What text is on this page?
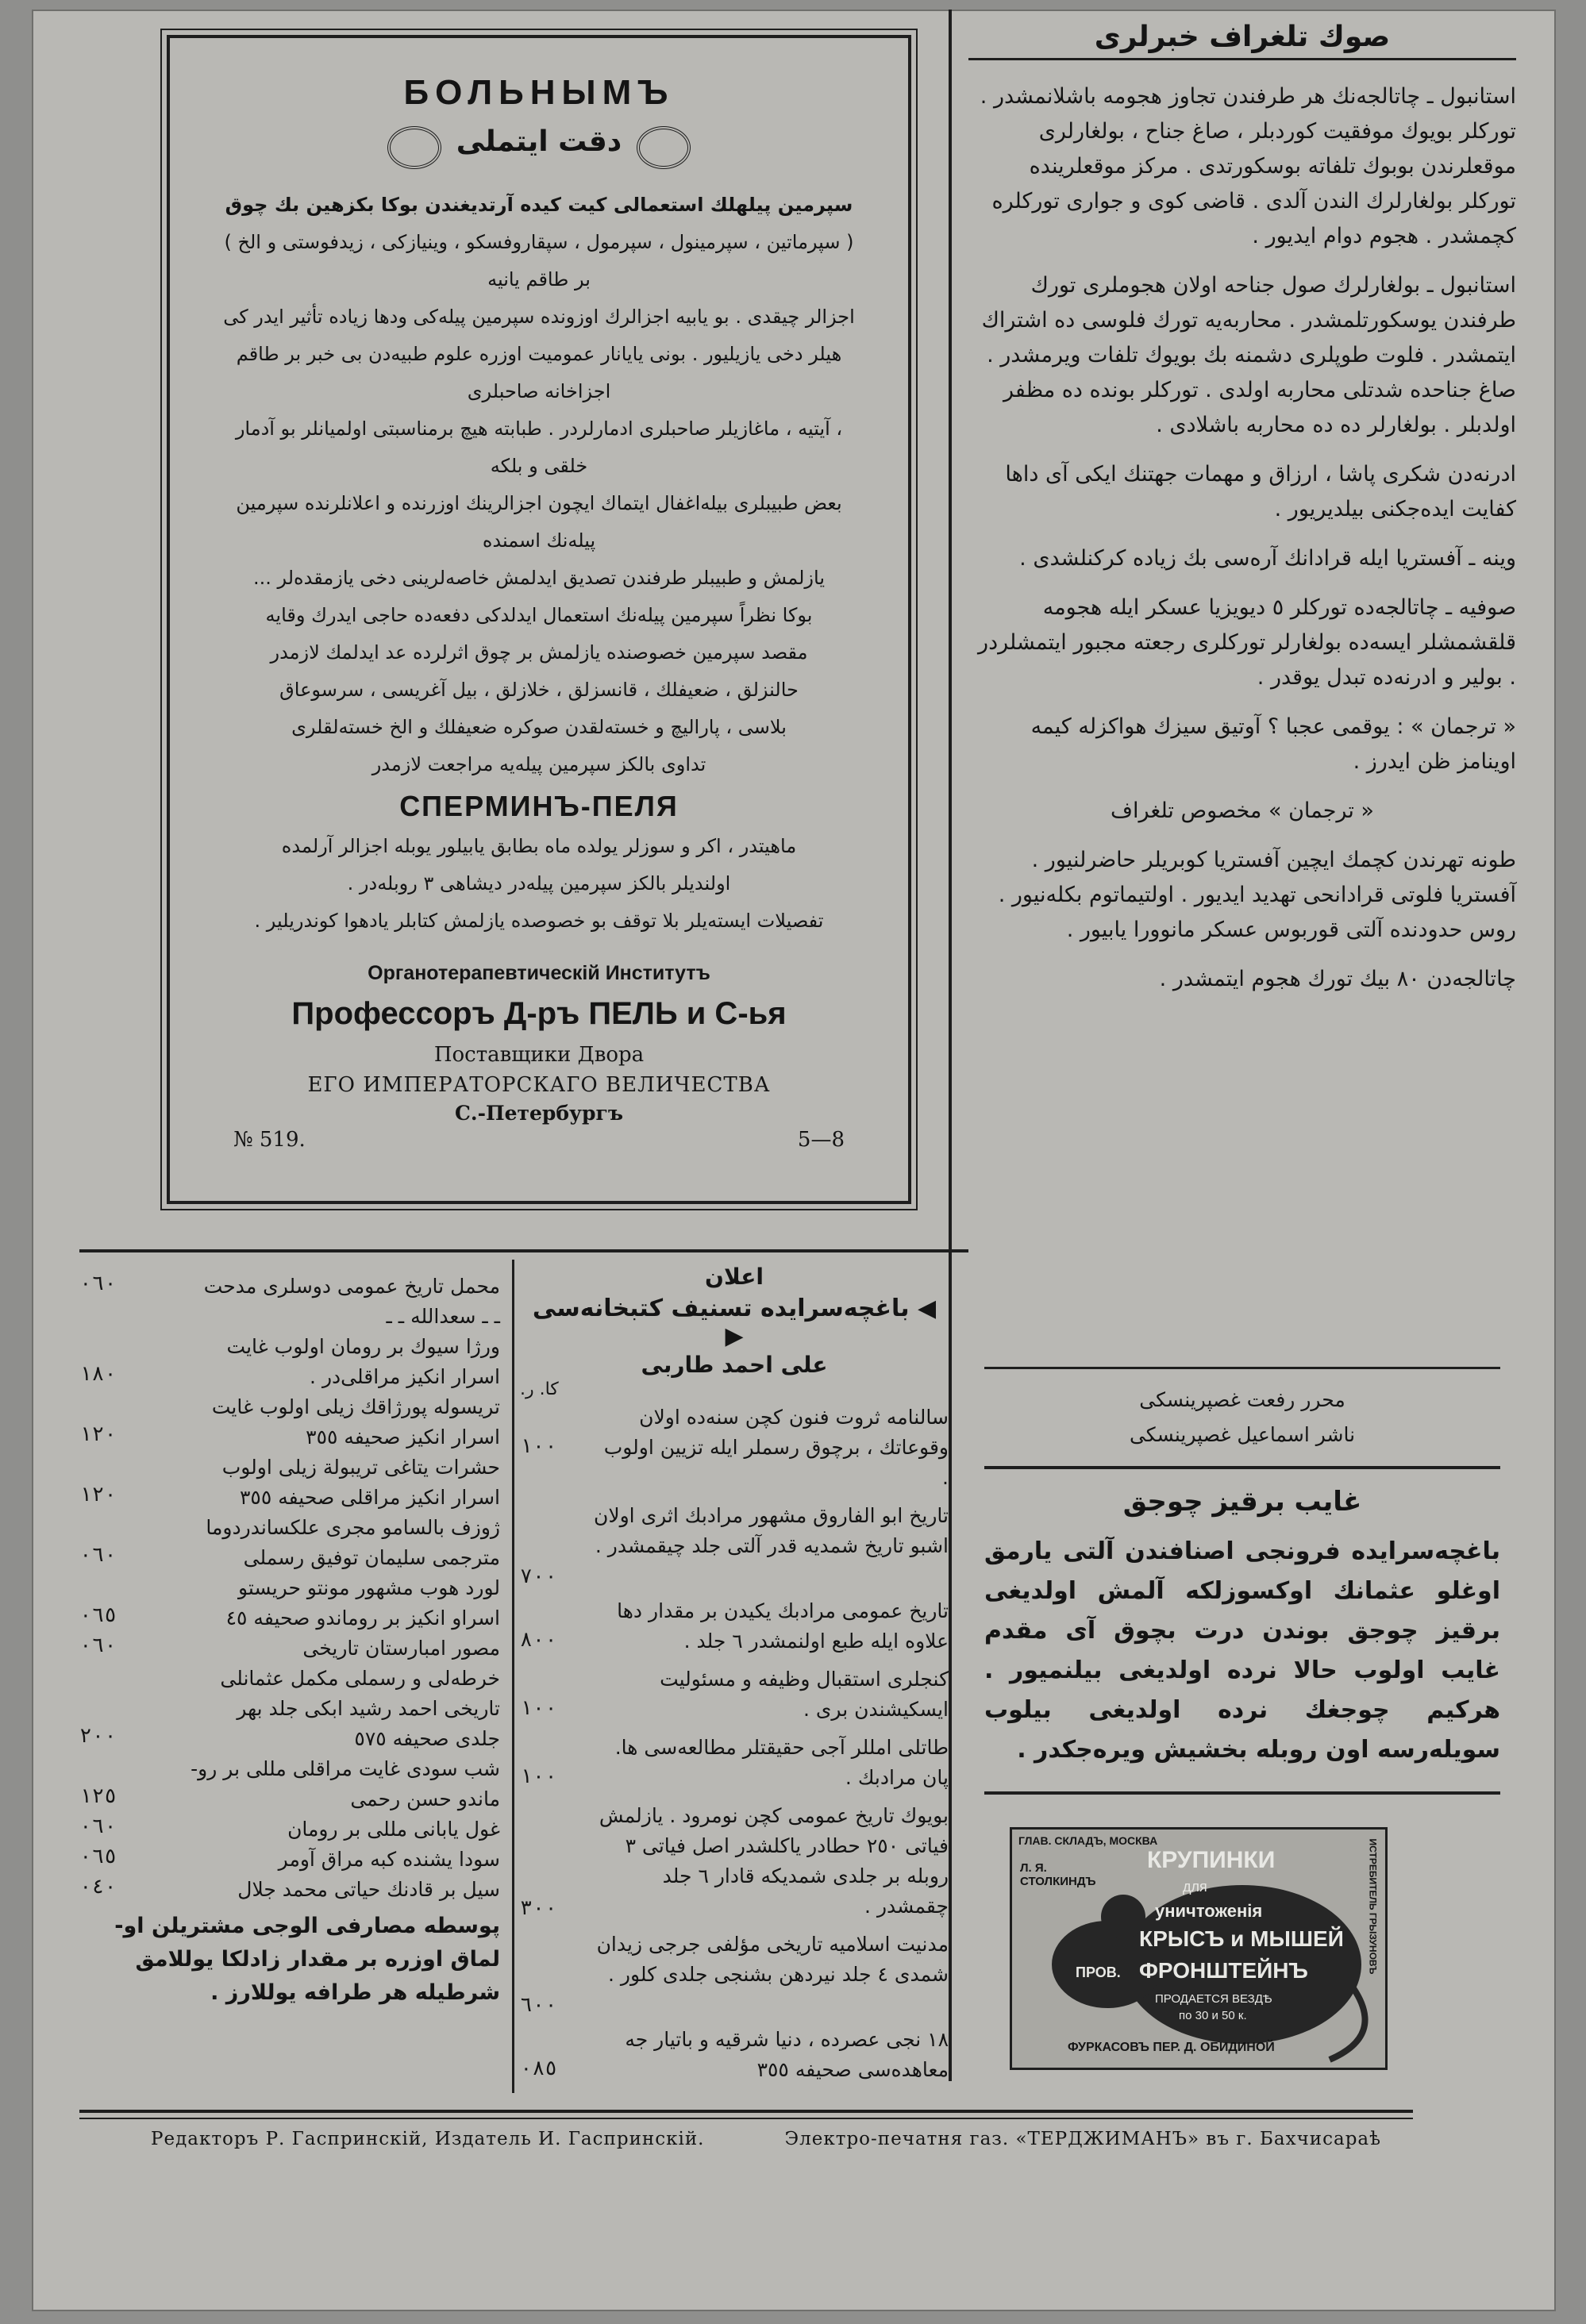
БОЛЬНЫМЪ
دقت ايتملى
سپرمين پيلهلك استعمالى كيت كيده آرتديغندن بوكا بكزهين بك چوق
( سپرماتين ، سپرمينول ، سپرمول ، سپقاروفسكو ، وينيازكى ، زيدفوستى و الخ ) بر طاقم يانيه
اجزالر چيقدى . بو يابيه اجزالرك اوزونده سپرمين پيلەكى ودها زياده تأثير ايدر كى
هيلر دخى يازيليور . بونى يايانار عموميت اوزره علوم طبيه‌دن بى خبر بر طاقم اجزاخانه صاحبلرى
، آيتيه ، ماغازيلر صاحبلرى ادمارلردر . طبابته هيچ برمناسبتى اولميانلر بو آدمار خلقى و بلكه
بعض طبيبلرى بيلەاغفال ايتماك ايچون اجزالرينك اوزرنده و اعلانلرنده سپرمين پيلەنك اسمنده
يازلمش و طبيبلر طرفندن تصديق ايدلمش خاصه‌لرينى دخى يازمقدە‌لر ...
بوكا نظراً سپرمين پيلەنك استعمال ايدلدكى دفعه‌ده حاجى ايدرك وقايه
مقصد سپرمين خصوصنده يازلمش بر چوق اثرلرده عد ايدلمك لازمدر
حالنزلق ، ضعيفلك ، قانسزلق ، خلازلق ، بيل آغريسى ، سرسوعاق
بلاسى ، پارالیچ و خسته‌لقدن صوكره ضعيفلك و الخ خسته‌لقلرى
تداوى بالكز سپرمين پيلەيه مراجعت لازمدر
СПЕРМИНЪ-ПЕЛЯ
ماهيتدر ، اكر و سوزلر يولده ماه بطابق يابيلور يوبله اجزالر آرلمده
اولنديلر بالكز سپرمين پيلەدر ديشاهى ٣ روبلەدر .
تفصيلات ايستەيلر بلا توقف بو خصوصده يازلمش كتابلر يادهوا كوندريلير .
Органотерапевтическій Институтъ
Профессоръ Д-ръ ПЕЛЬ и С-ья
Поставщики Двора
ЕГО ИМПЕРАТОРСКАГО ВЕЛИЧЕСТВА
С.-Петербургъ
№ 519.	5—8
صوك تلغراف خبرلرى

استانبول ـ چاتالجه‌نك هر طرفندن تجاوز هجومه باشلانمشدر . توركلر بويوك موفقيت كوردبلر ، صاغ جناح ، بولغارلرى موقعلرندن بوبوك تلفاته بوسكورتدى . مركز موقعلرينده توركلر بولغارلرك الندن آلدى . قاضى كوى و جوارى توركلره كچمشدر . هجوم دوام ايديور .

استانبول ـ بولغارلرك صول جناحه اولان هجوملرى تورك طرفندن يوسكورتلمشدر . محاربه‌يه تورك فلوسى ده اشتراك ايتمشدر . فلوت طوپلرى دشمنه بك بويوك تلفات ويرمشدر . صاغ جناحده شدتلى محاربه اولدى . توركلر بونده ده مظفر اولدبلر . بولغارلر ده ده محاربه باشلادى .

ادرنه‌دن شكرى پاشا ، ارزاق و مهمات جهتنك ايكى آى داها كفايت ايده‌جكنى بيلديريور .

وينه ـ آفستريا ايله قرادانك آره‌سى بك زياده كركنلشدى .

صوفيه ـ چاتالجه‌ده توركلر ٥ ديويزيا عسكر ايله هجومه قلقشمشلر ايسه‌ده بولغارلر توركلرى رجعته مجبور ايتمشلردر . بولير و ادرنه‌ده تبدل يوقدر .

« ترجمان » : يوقمى عجبا ؟ آوتيق سيزك هواكزله كيمه اوينامز ظن ايدرز .

« ترجمان » مخصوص تلغراف

طونه تهرندن كچمك ايچين آفستريا كوبريلر حاضرلنيور . آفستريا فلوتى قرادانحى تهديد ايديور . اولتيماتوم بكلەنيور . روس حدودنده آلتى قوربوس عسكر مانوورا يابيور .

چاتالجه‌دن ٨٠ بيك تورك هجوم ايتمشدر .

محرر رفعت غصپرينسكى
ناشر اسماعيل غصپرينسكى
غايب برقيز چوجق
باغچه‌سرايده فرونجى اصنافندن آلتى يارمق اوغلو عثمانك اوكسوزلكه آلمش اولديغى برقيز چوجق بوندن درت بچوق آى مقدم غايب اولوب حالا نرده اولديغى بيلنميور . هركيم چوجغك نرده اولديغى بيلوب سويلەرسه اون روبله بخشيش ويره‌جكدر .
ГЛАВ. СКЛАДЪ, МОСКВА
Л. Я. СТОЛКИНДЪ
КРУПИНКИ
для
уничтоженія
КРЫСЪ и МЫШЕЙ
ПРОВ. ФРОНШТЕЙНЪ
ПРОДАЕТСЯ ВЕЗДѢ
по 30 и 50 к.
ФУРКАСОВЪ ПЕР. Д. ОБИДИНОЙ
ИСТРЕБИТЕЛЬ ГРЫЗУНОВЪ
اعلان
◀ باغچه‌سرايده تسنيف كتبخانه‌سى ▶
على احمد طاربى
كا. ر.
سالنامه ثروت فنون كچن سنه‌ده اولان وقوعاتك ، برچوق رسملر ايله تزيين اولوب .
١٠٠
تاريخ ابو الفاروق مشهور مرادبك اثرى اولان اشبو تاريخ شمديه قدر آلتى جلد چيقمشدر .
٧٠٠
تاريخ عمومى مرادبك يكيدن بر مقدار دها علاوه ايله طبع اولنمشدر ٦ جلد .
٨٠٠
كنجلرى استقبال وظيفه و مسئوليت ايسكيشندن برى .
١٠٠
طاتلى امللر آجى حقيقتلر مطالعه‌سى ها. پان مرادبك .
١٠٠
بويوك تاريخ عمومى كچن نومرود . يازلمش فياتى ٢٥٠ حطادر ياكلشدر اصل فياتى ٣ روبله بر جلدى شمديكه قادار ٦ جلد چقمشدر .
٣٠٠
مدنيت اسلاميه تاريخى مؤلفى جرجى زيدان شمدى ٤ جلد نيردهن بشنجى جلدى كلور .
٦٠٠
١٨ نجى عصرده ، دنيا شرقيه و باتيار جه معاهده‌سى صحيفه ٣٥٥
٠٨٥
محمل تاريخ عمومى دوسلرى مدحت
٠٦٠
ـ ـ سعدالله ـ ـ
ورژا سيوك بر رومان اولوب غايت
اسرار انكيز مراقلى‌در .
١٨٠
تريسوله پورژاقك زيلى اولوب غايت
اسرار انكيز صحيفه ٣٥٥
١٢٠
حشرات يتاغى تريبولة زيلى اولوب
اسرار انكيز مراقلى صحيفه ٣٥٥
١٢٠
ژوزف بالسامو مجرى علكساندردوما
مترجمى سليمان توفيق رسملى
٠٦٠
لورد هوب مشهور مونتو حريستو
اسراو انكيز بر روماندو صحيفه ٤٥
٠٦٥
مصور امبارستان تاريخى
٠٦٠
خرطه‌لى و رسملى مكمل عثمانلى
تاريخى احمد رشيد ابكى جلد بهر
جلدى صحيفه ٥٧٥
٢٠٠
شب سودى غايت مراقلى مللى بر رو-
ماندو حسن رحمى
١٢٥
غول يابانى مللى بر رومان
٠٦٠
سودا يشنده كبه مراق آومر
٠٦٥
سيل بر قادنك حياتى محمد جلال
٠٤٠
پوسطه مصارفى الوجى مشتريلن او- لماق اوزره بر مقدار زادلكا يوللامق شرطيله هر طرافه يوللارز .
Редакторъ Р. Гаспринскій, Издатель И. Гаспринскій.	Электро-печатня газ. «ТЕРДЖИМАНЪ» въ г. Бахчисараѣ
